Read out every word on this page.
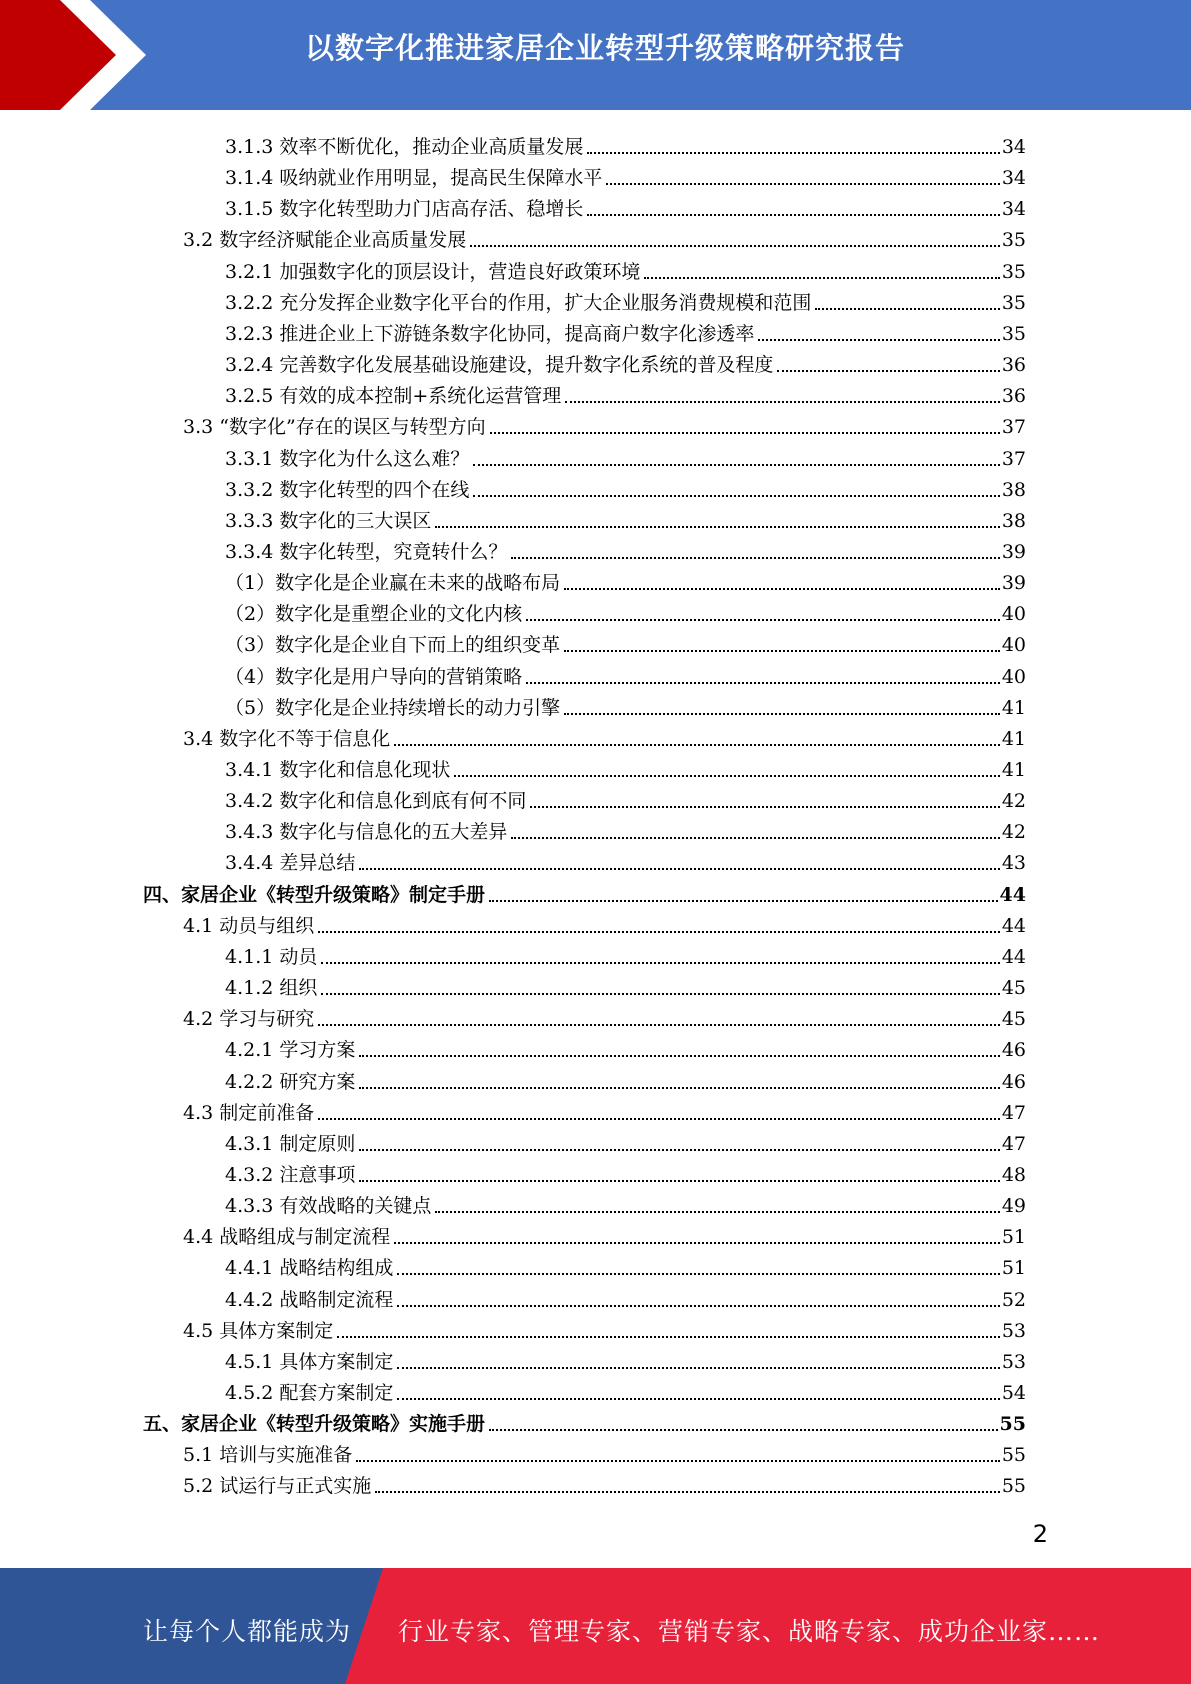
以数字化推进家居企业转型升级策略研究报告
3.1.3 效率不断优化，推动企业高质量发展	34
3.1.4 吸纳就业作用明显，提高民生保障水平	34
3.1.5 数字化转型助力门店高存活、稳增长	34
3.2 数字经济赋能企业高质量发展	35
3.2.1 加强数字化的顶层设计，营造良好政策环境	35
3.2.2 充分发挥企业数字化平台的作用，扩大企业服务消费规模和范围	35
3.2.3 推进企业上下游链条数字化协同，提高商户数字化渗透率	35
3.2.4 完善数字化发展基础设施建设，提升数字化系统的普及程度	36
3.2.5 有效的成本控制+系统化运营管理	36
3.3 “数字化”存在的误区与转型方向	37
3.3.1 数字化为什么这么难？	37
3.3.2 数字化转型的四个在线	38
3.3.3 数字化的三大误区	38
3.3.4 数字化转型，究竟转什么？	39
（1）数字化是企业赢在未来的战略布局	39
（2）数字化是重塑企业的文化内核	40
（3）数字化是企业自下而上的组织变革	40
（4）数字化是用户导向的营销策略	40
（5）数字化是企业持续增长的动力引擎	41
3.4 数字化不等于信息化	41
3.4.1 数字化和信息化现状	41
3.4.2 数字化和信息化到底有何不同	42
3.4.3 数字化与信息化的五大差异	42
3.4.4 差异总结	43
四、家居企业《转型升级策略》制定手册	44
4.1 动员与组织	44
4.1.1 动员	44
4.1.2 组织	45
4.2 学习与研究	45
4.2.1 学习方案	46
4.2.2 研究方案	46
4.3 制定前准备	47
4.3.1 制定原则	47
4.3.2 注意事项	48
4.3.3 有效战略的关键点	49
4.4 战略组成与制定流程	51
4.4.1 战略结构组成	51
4.4.2 战略制定流程	52
4.5 具体方案制定	53
4.5.1 具体方案制定	53
4.5.2 配套方案制定	54
五、家居企业《转型升级策略》实施手册	55
5.1 培训与实施准备	55
5.2 试运行与正式实施	55
2
让每个人都能成为 行业专家、管理专家、营销专家、战略专家、成功企业家……
